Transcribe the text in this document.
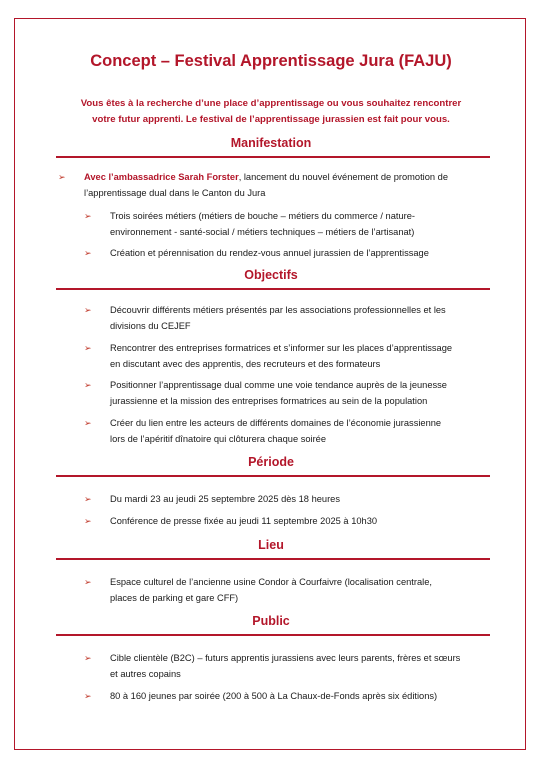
Concept – Festival Apprentissage Jura (FAJU)
Vous êtes à la recherche d’une place d’apprentissage ou vous souhaitez rencontrer
votre futur apprenti. Le festival de l’apprentissage jurassien est fait pour vous.
Manifestation
➢ Avec l’ambassadrice Sarah Forster, lancement du nouvel événement de promotion de
l’apprentissage dual dans le Canton du Jura
➢ Trois soirées métiers (métiers de bouche – métiers du commerce / nature-
environnement - santé-social / métiers techniques – métiers de l’artisanat)
➢ Création et pérennisation du rendez-vous annuel jurassien de l’apprentissage
Objectifs
➢ Découvrir différents métiers présentés par les associations professionnelles et les
divisions du CEJEF
➢ Rencontrer des entreprises formatrices et s’informer sur les places d’apprentissage
en discutant avec des apprentis, des recruteurs et des formateurs
➢ Positionner l’apprentissage dual comme une voie tendance auprès de la jeunesse
jurassienne et la mission des entreprises formatrices au sein de la population
➢ Créer du lien entre les acteurs de différents domaines de l’économie jurassienne
lors de l’apéritif dînatoire qui clôturera chaque soirée
Période
➢ Du mardi 23 au jeudi 25 septembre 2025 dès 18 heures
➢ Conférence de presse fixée au jeudi 11 septembre 2025 à 10h30
Lieu
➢ Espace culturel de l’ancienne usine Condor à Courfaivre (localisation centrale,
places de parking et gare CFF)
Public
➢ Cible clientèle (B2C) – futurs apprentis jurassiens avec leurs parents, frères et sœurs
et autres copains
➢ 80 à 160 jeunes par soirée (200 à 500 à La Chaux-de-Fonds après six éditions)
